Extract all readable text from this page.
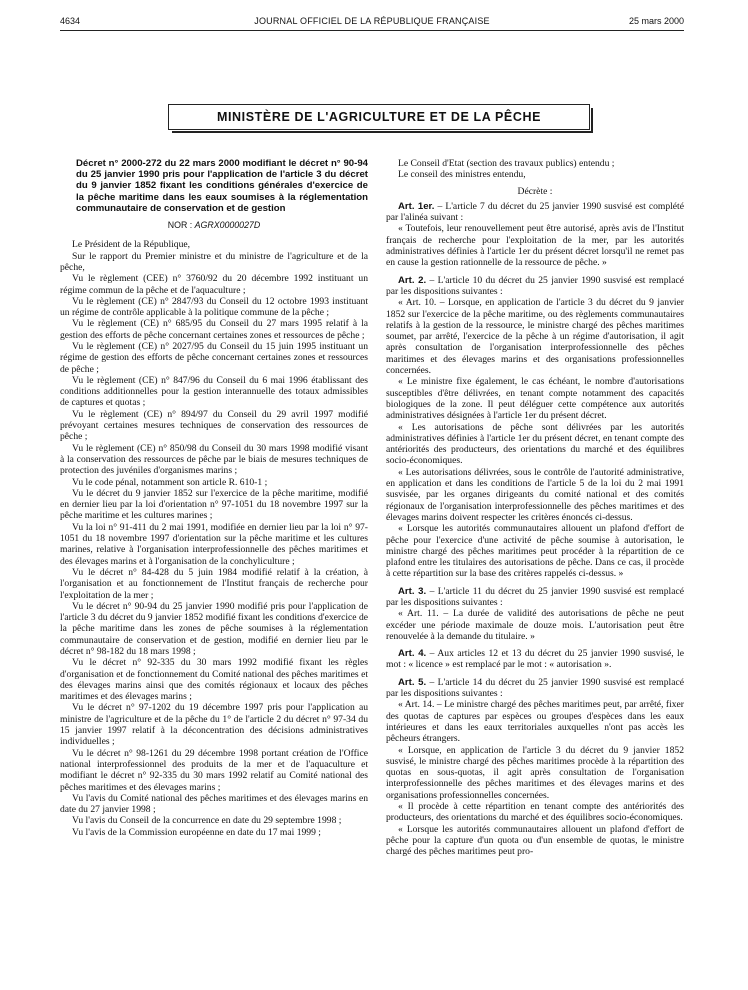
4634	JOURNAL OFFICIEL DE LA RÉPUBLIQUE FRANÇAISE	25 mars 2000
MINISTÈRE DE L'AGRICULTURE ET DE LA PÊCHE
Décret n° 2000-272 du 22 mars 2000 modifiant le décret n° 90-94 du 25 janvier 1990 pris pour l'application de l'article 3 du décret du 9 janvier 1852 fixant les conditions générales d'exercice de la pêche maritime dans les eaux soumises à la réglementation communautaire de conservation et de gestion
NOR : AGRX0000027D

Le Président de la République,

Sur le rapport du Premier ministre et du ministre de l'agriculture et de la pêche,

Vu le règlement (CEE) n° 3760/92 du 20 décembre 1992 instituant un régime commun de la pêche et de l'aquaculture ;

Vu le règlement (CE) n° 2847/93 du Conseil du 12 octobre 1993 instituant un régime de contrôle applicable à la politique commune de la pêche ;

Vu le règlement (CE) n° 685/95 du Conseil du 27 mars 1995 relatif à la gestion des efforts de pêche concernant certaines zones et ressources de pêche ;

Vu le règlement (CE) n° 2027/95 du Conseil du 15 juin 1995 instituant un régime de gestion des efforts de pêche concernant certaines zones et ressources de pêche ;

Vu le règlement (CE) n° 847/96 du Conseil du 6 mai 1996 établissant des conditions additionnelles pour la gestion interannuelle des totaux admissibles de captures et quotas ;

Vu le règlement (CE) n° 894/97 du Conseil du 29 avril 1997 modifié prévoyant certaines mesures techniques de conservation des ressources de pêche ;

Vu le règlement (CE) n° 850/98 du Conseil du 30 mars 1998 modifié visant à la conservation des ressources de pêche par le biais de mesures techniques de protection des juvéniles d'organismes marins ;

Vu le code pénal, notamment son article R. 610-1 ;

Vu le décret du 9 janvier 1852 sur l'exercice de la pêche maritime, modifié en dernier lieu par la loi d'orientation n° 97-1051 du 18 novembre 1997 sur la pêche maritime et les cultures marines ;

Vu la loi n° 91-411 du 2 mai 1991, modifiée en dernier lieu par la loi n° 97-1051 du 18 novembre 1997 d'orientation sur la pêche maritime et les cultures marines, relative à l'organisation interprofessionnelle des pêches maritimes et des élevages marins et à l'organisation de la conchyliculture ;

Vu le décret n° 84-428 du 5 juin 1984 modifié relatif à la création, à l'organisation et au fonctionnement de l'Institut français de recherche pour l'exploitation de la mer ;

Vu le décret n° 90-94 du 25 janvier 1990 modifié pris pour l'application de l'article 3 du décret du 9 janvier 1852 modifié fixant les conditions d'exercice de la pêche maritime dans les zones de pêche soumises à la réglementation communautaire de conservation et de gestion, modifié en dernier lieu par le décret n° 98-182 du 18 mars 1998 ;

Vu le décret n° 92-335 du 30 mars 1992 modifié fixant les règles d'organisation et de fonctionnement du Comité national des pêches maritimes et des élevages marins ainsi que des comités régionaux et locaux des pêches maritimes et des élevages marins ;

Vu le décret n° 97-1202 du 19 décembre 1997 pris pour l'application au ministre de l'agriculture et de la pêche du 1° de l'article 2 du décret n° 97-34 du 15 janvier 1997 relatif à la déconcentration des décisions administratives individuelles ;

Vu le décret n° 98-1261 du 29 décembre 1998 portant création de l'Office national interprofessionnel des produits de la mer et de l'aquaculture et modifiant le décret n° 92-335 du 30 mars 1992 relatif au Comité national des pêches maritimes et des élevages marins ;

Vu l'avis du Comité national des pêches maritimes et des élevages marins en date du 27 janvier 1998 ;

Vu l'avis du Conseil de la concurrence en date du 29 septembre 1998 ;

Vu l'avis de la Commission européenne en date du 17 mai 1999 ;

Le Conseil d'Etat (section des travaux publics) entendu ;

Le conseil des ministres entendu,

Décrète :

Art. 1er. – L'article 7 du décret du 25 janvier 1990 susvisé est complété par l'alinéa suivant :

« Toutefois, leur renouvellement peut être autorisé, après avis de l'Institut français de recherche pour l'exploitation de la mer, par les autorités administratives définies à l'article 1er du présent décret lorsqu'il ne remet pas en cause la gestion rationnelle de la ressource de pêche. »

Art. 2. – L'article 10 du décret du 25 janvier 1990 susvisé est remplacé par les dispositions suivantes :

« Art. 10. – Lorsque, en application de l'article 3 du décret du 9 janvier 1852 sur l'exercice de la pêche maritime, ou des règlements communautaires relatifs à la gestion de la ressource, le ministre chargé des pêches maritimes soumet, par arrêté, l'exercice de la pêche à un régime d'autorisation, il agit après consultation de l'organisation interprofessionnelle des pêches maritimes et des élevages marins et des organisations professionnelles concernées.

« Le ministre fixe également, le cas échéant, le nombre d'autorisations susceptibles d'être délivrées, en tenant compte notamment des capacités biologiques de la zone. Il peut déléguer cette compétence aux autorités administratives désignées à l'article 1er du présent décret.

« Les autorisations de pêche sont délivrées par les autorités administratives définies à l'article 1er du présent décret, en tenant compte des antériorités des producteurs, des orientations du marché et des équilibres socio-économiques.

« Les autorisations délivrées, sous le contrôle de l'autorité administrative, en application et dans les conditions de l'article 5 de la loi du 2 mai 1991 susvisée, par les organes dirigeants du comité national et des comités régionaux de l'organisation interprofessionnelle des pêches maritimes et des élevages marins doivent respecter les critères énoncés ci-dessus.

« Lorsque les autorités communautaires allouent un plafond d'effort de pêche pour l'exercice d'une activité de pêche soumise à autorisation, le ministre chargé des pêches maritimes peut procéder à la répartition de ce plafond entre les titulaires des autorisations de pêche. Dans ce cas, il procède à cette répartition sur la base des critères rappelés ci-dessus. »

Art. 3. – L'article 11 du décret du 25 janvier 1990 susvisé est remplacé par les dispositions suivantes :

« Art. 11. – La durée de validité des autorisations de pêche ne peut excéder une période maximale de douze mois. L'autorisation peut être renouvelée à la demande du titulaire. »

Art. 4. – Aux articles 12 et 13 du décret du 25 janvier 1990 susvisé, le mot : « licence » est remplacé par le mot : « autorisation ».

Art. 5. – L'article 14 du décret du 25 janvier 1990 susvisé est remplacé par les dispositions suivantes :

« Art. 14. – Le ministre chargé des pêches maritimes peut, par arrêté, fixer des quotas de captures par espèces ou groupes d'espèces dans les eaux intérieures et dans les eaux territoriales auxquelles n'ont pas accès les pêcheurs étrangers.

« Lorsque, en application de l'article 3 du décret du 9 janvier 1852 susvisé, le ministre chargé des pêches maritimes procède à la répartition des quotas en sous-quotas, il agit après consultation de l'organisation interprofessionnelle des pêches maritimes et des élevages marins et des organisations professionnelles concernées.

« Il procède à cette répartition en tenant compte des antériorités des producteurs, des orientations du marché et des équilibres socio-économiques.

« Lorsque les autorités communautaires allouent un plafond d'effort de pêche pour la capture d'un quota ou d'un ensemble de quotas, le ministre chargé des pêches maritimes peut pro-
